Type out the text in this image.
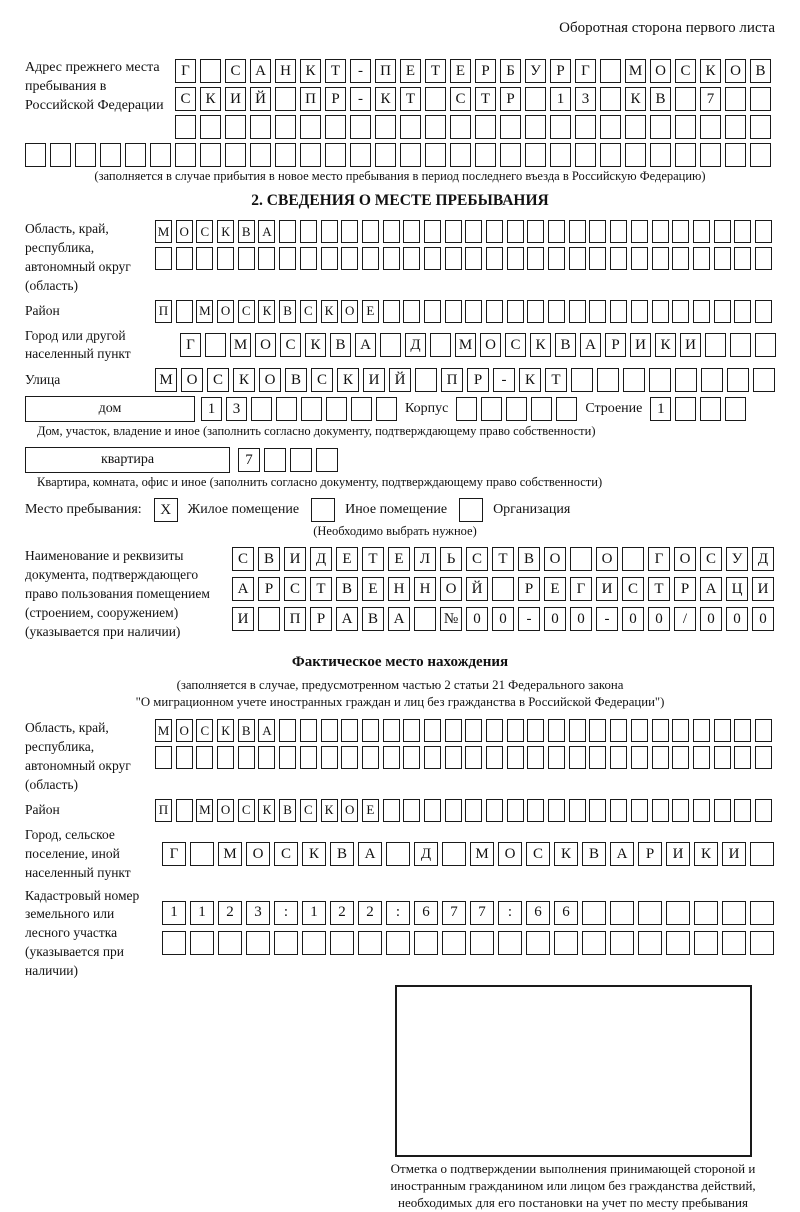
Оборотная сторона первого листа
Адрес прежнего места пребывания в Российской Федерации
Г	С А Н К	Т	-	П Е	Т	Е	Р	Б	У	Р	Г	М О С К О В
С К И Й	П	Р	-	К	Т	С	Т	Р	1	3	К В	7
(заполняется в случае прибытия в новое место пребывания в период последнего въезда в Российскую Федерацию)
2. СВЕДЕНИЯ О МЕСТЕ ПРЕБЫВАНИЯ
Область, край, республика, автономный округ (область)
М О С К В А
Район	П М О С К В С К О Е
Город или другой населенный пункт
Г	М О С К В А	Д	М О С К В А	Р	И К И
Улица	М О	С	К	О	В	С	К	И	Й	П	Р	-	К	Т
дом	1	3	Корпус	Строение 1
Дом, участок, владение и иное (заполнить согласно документу, подтверждающему право собственности)
квартира	7
Квартира, комната, офис и иное (заполнить согласно документу, подтверждающему право собственности)
Место пребывания:	X	Жилое помещение	Иное помещение	Организация
(Необходимо выбрать нужное)
Наименование и реквизиты документа, подтверждающего право пользования помещением (строением, сооружением) (указывается при наличии)
С	В	И	Д	Е	Т	Е	Л	Ь	С	Т	В	О	О	Г	О	С	У	Д
А	Р	С	Т	В	Е	Н	Н	О	Й	Р	Е	Г	И	С	Т	Р	А	Ц	И
И	П	Р	А	В	А	№	0	0	-	0	0	-	0	0	/	0	0	0
Фактическое место нахождения
(заполняется в случае, предусмотренном частью 2 статьи 21 Федерального закона
"О миграционном учете иностранных граждан и лиц без гражданства в Российской Федерации")
Область, край, республика, автономный округ (область)
М О С К В А
Район	П М О С К В С К О Е
Город, сельское поселение, иной населенный пункт
Г	М	О	С	К	В	А	Д	М	О	С	К	В	А	Р	И	К	И
Кадастровый номер земельного или лесного участка (указывается при наличии)
1	1	2	3	:	1	2	2	:	6	7	7	:	6	6
Отметка о подтверждении выполнения принимающей стороной и иностранным гражданином или лицом без гражданства действий, необходимых для его постановки на учет по месту пребывания
